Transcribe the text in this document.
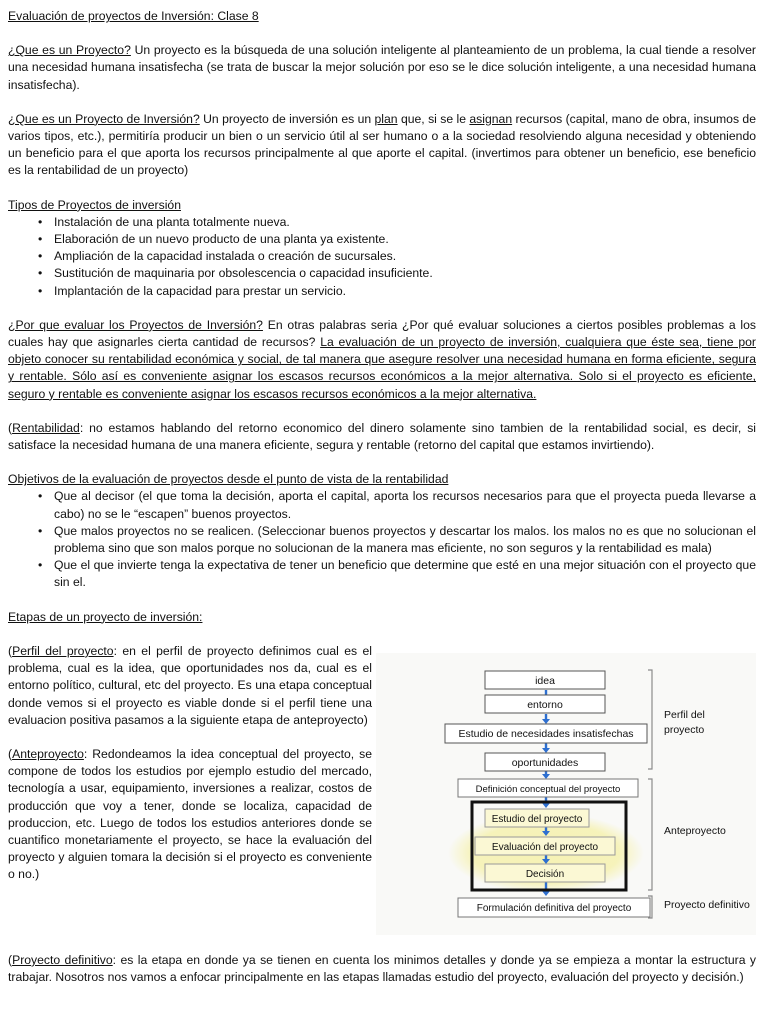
Evaluación de proyectos de Inversión: Clase 8

¿Que es un Proyecto? Un proyecto es la búsqueda de una solución inteligente al planteamiento de un problema, la cual tiende a resolver una necesidad humana insatisfecha (se trata de buscar la mejor solución por eso se le dice solución inteligente, a una necesidad humana insatisfecha).

¿Que es un Proyecto de Inversión? Un proyecto de inversión es un plan que, si se le asignan recursos (capital, mano de obra, insumos de varios tipos, etc.), permitiría producir un bien o un servicio útil al ser humano o a la sociedad resolviendo alguna necesidad y obteniendo un beneficio para el que aporta los recursos principalmente al que aporte el capital. (invertimos para obtener un beneficio, ese beneficio es la rentabilidad de un proyecto)

Tipos de Proyectos de inversión

• Instalación de una planta totalmente nueva.
• Elaboración de un nuevo producto de una planta ya existente.
• Ampliación de la capacidad instalada o creación de sucursales.
• Sustitución de maquinaria por obsolescencia o capacidad insuficiente.
• Implantación de la capacidad para prestar un servicio.

¿Por que evaluar los Proyectos de Inversión? En otras palabras seria ¿Por qué evaluar soluciones a ciertos posibles problemas a los cuales hay que asignarles cierta cantidad de recursos? La evaluación de un proyecto de inversión, cualquiera que éste sea, tiene por objeto conocer su rentabilidad económica y social, de tal manera que asegure resolver una necesidad humana en forma eficiente, segura y rentable. Sólo así es conveniente asignar los escasos recursos económicos a la mejor alternativa. Solo si el proyecto es eficiente, seguro y rentable es conveniente asignar los escasos recursos económicos a la mejor alternativa.

(Rentabilidad: no estamos hablando del retorno economico del dinero solamente sino tambien de la rentabilidad social, es decir, si satisface la necesidad humana de una manera eficiente, segura y rentable (retorno del capital que estamos invirtiendo).

Objetivos de la evaluación de proyectos desde el punto de vista de la rentabilidad

• Que al decisor (el que toma la decisión, aporta el capital, aporta los recursos necesarios para que el proyecta pueda llevarse a cabo) no se le “escapen” buenos proyectos.
• Que malos proyectos no se realicen. (Seleccionar buenos proyectos y descartar los malos. los malos no es que no solucionan el problema sino que son malos porque no solucionan de la manera mas eficiente, no son seguros y la rentabilidad es mala)
• Que el que invierte tenga la expectativa de tener un beneficio que determine que esté en una mejor situación con el proyecto que sin el.

Etapas de un proyecto de inversión:

(Perfil del proyecto: en el perfil de proyecto definimos cual es el problema, cual es la idea, que oportunidades nos da, cual es el entorno político, cultural, etc del proyecto. Es una etapa conceptual donde vemos si el proyecto es viable donde si el perfil tiene una evaluacion positiva pasamos a la siguiente etapa de anteproyecto)

(Anteproyecto: Redondeamos la idea conceptual del proyecto, se compone de todos los estudios por ejemplo estudio del mercado, tecnología a usar, equipamiento, inversiones a realizar, costos de producción que voy a tener, donde se localiza, capacidad de produccion, etc. Luego de todos los estudios anteriores donde se cuantifico monetariamente el proyecto, se hace la evaluación del proyecto y alguien tomara la decisión si el proyecto es conveniente o no.)

idea
entorno
Estudio de necesidades insatisfechas
oportunidades
Definición conceptual del proyecto
Estudio del proyecto
Evaluación del proyecto
Decisión
Formulación definitiva del proyecto
Perfil del
proyecto
Anteproyecto
Proyecto definitivo

(Proyecto definitivo: es la etapa en donde ya se tienen en cuenta los minimos detalles y donde ya se empieza a montar la estructura y trabajar. Nosotros nos vamos a enfocar principalmente en las etapas llamadas estudio del proyecto, evaluación del proyecto y decisión.)
